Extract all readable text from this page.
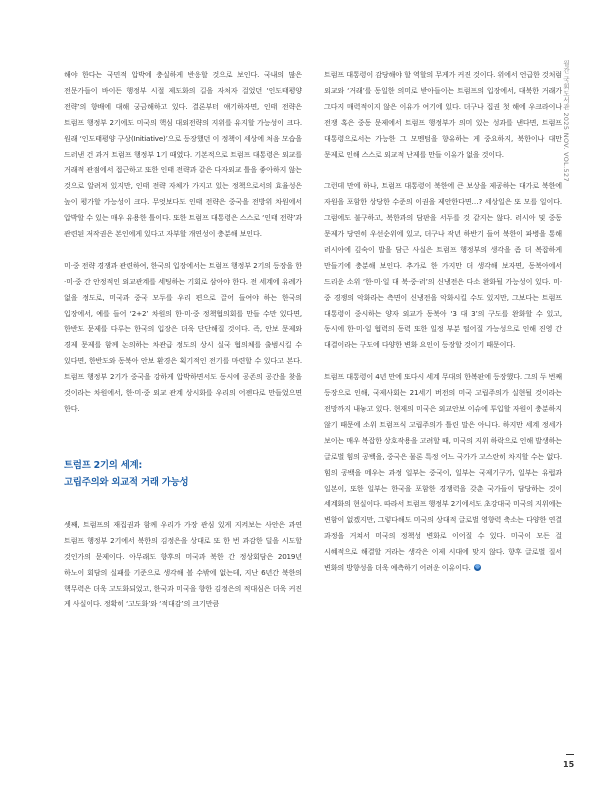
월간 국회도서관 2025 NOV. VOL.527

해야 한다는 국민적 압박에 충실하게 반응할 것으로 보인다. 국내의 많은 전문가들이 바이든 행정부 시절 제도화의 길을 자처자 걸었던 ‘인도태평양 전략’의 향배에 대해 궁금해하고 있다. 결론부터 얘기하자면, 인태 전략은 트럼프 행정부 2기에도 미국의 핵심 대외전략의 지위를 유지할 가능성이 크다. 원래 ‘인도태평양 구상(Initiative)’으로 등장했던 이 정책이 세상에 처음 모습을 드러낸 건 과거 트럼프 행정부 1기 때였다. 기본적으로 트럼프 대통령은 외교를 거래적 관점에서 접근하고 또한 인태 전략과 같은 다자외교 틀을 좋아하지 않는 것으로 알려져 있지만, 인태 전략 자체가 가지고 있는 정책으로서의 효율성은 높이 평가할 가능성이 크다. 무엇보다도 인태 전략은 중국을 전방위 차원에서 압박할 수 있는 매우 유용한 틀이다. 또한 트럼프 대통령은 스스로 ‘인태 전략’과 관련된 저작권은 본인에게 있다고 자부할 개연성이 충분해 보인다.

미·중 전략 경쟁과 관련하여, 한국의 입장에서는 트럼프 행정부 2기의 등장을 한·미·중 간 안정적인 외교관계를 세팅하는 기회로 삼아야 한다. 전 세계에 유례가 없을 정도로, 미국과 중국 모두를 우리 편으로 끌어 들여야 하는 한국의 입장에서, 예를 들어 ‘2+2’ 차원의 한·미·중 정책협의회를 만들 수만 있다면, 한반도 문제를 다루는 한국의 입장은 더욱 단단해질 것이다. 즉, 안보 문제와 경제 문제를 함께 논의하는 차관급 정도의 상시 실국 협의체를 출범시킬 수 있다면, 한반도와 동북아 안보 환경은 획기적인 전기를 마련할 수 있다고 본다. 트럼프 행정부 2기가 중국을 강하게 압박하면서도 동시에 공존의 공간을 찾을 것이라는 차원에서, 한·미·중 외교 관계 상시화를 우리의 어젠다로 만들었으면 한다.

트럼프 2기의 세계:
고립주의와 외교적 거래 가능성

셋째, 트럼프의 재집권과 함께 우리가 가장 관심 있게 지켜보는 사안은 과연 트럼프 행정부 2기에서 북한의 김정은을 상대로 또 한 번 과감한 딜을 시도할 것인가의 문제이다. 아무래도 향후의 미국과 북한 간 정상회담은 2019년 하노이 회담의 실패를 기준으로 생각해 볼 수밖에 없는데, 지난 6년간 북한의 핵무력은 더욱 고도화되었고, 한국과 미국을 향한 김정은의 적대심은 더욱 커진 게 사실이다. 정확히 ‘고도화’와 ‘적대감’의 크기만큼

트럼프 대통령이 감당해야 할 역할의 무게가 커진 것이다. 위에서 언급한 것처럼 외교와 ‘거래’를 동일한 의미로 받아들이는 트럼프의 입장에서, 대북한 거래가 그다지 매력적이지 않은 이유가 여기에 있다. 더구나 집권 첫 해에 우크라이나 전쟁 혹은 중동 문제에서 트럼프 행정부가 의미 있는 성과를 낸다면, 트럼프 대통령으로서는 가능한 그 모멘텀을 향유하는 게 중요하지, 북한이나 대만 문제로 인해 스스로 외교적 난제를 만들 이유가 없을 것이다.

그런데 만에 하나, 트럼프 대통령이 북한에 큰 보상을 제공하는 대가로 북한에 자원을 포함한 상당한 수준의 이권을 제안한다면…? 세상일은 또 모를 일이다. 그럼에도 불구하고, 북한과의 담판을 서두를 것 같지는 않다. 러시아 및 중동 문제가 당연히 우선순위에 있고, 더구나 작년 하반기 들어 북한이 파병을 통해 러시아에 깊숙이 발을 담근 사실은 트럼프 행정부의 생각을 좀 더 복잡하게 만들기에 충분해 보인다. 추가로 한 가지만 더 생각해 보자면, 동북아에서 드리운 소위 ‘한·미·일 대 북·중·러’의 신냉전은 다소 완화될 가능성이 있다. 미·중 경쟁의 악화라는 측면이 신냉전을 악화시킬 수도 있지만, 그보다는 트럼프 대통령이 중시하는 양자 외교가 동북아 ‘3 대 3’의 구도를 완화할 수 있고, 동시에 한·미·일 협력의 동력 또한 일정 부분 떨어질 가능성으로 인해 진영 간 대결이라는 구도에 다양한 변화 요인이 등장할 것이기 때문이다.

트럼프 대통령이 4년 만에 또다시 세계 무대의 한복판에 등장했다. 그의 두 번째 등장으로 인해, 국제사회는 21세기 버전의 미국 고립주의가 실현될 것이라는 전망까지 내놓고 있다. 현재의 미국은 외교안보 이슈에 투입할 자원이 충분하지 않기 때문에 소위 트럼프식 고립주의가 틀린 말은 아니다. 하지만 세계 정세가 보이는 매우 복잡한 상호작용을 고려할 때, 미국의 지위 하락으로 인해 발생하는 글로벌 힘의 공백을, 중국은 물론 특정 어느 국가가 고스란히 차지할 수는 없다. 힘의 공백을 메우는 과정 일부는 중국이, 일부는 국제기구가, 일부는 유럽과 일본이, 또한 일부는 한국을 포함한 경쟁력을 갖춘 국가들이 담당하는 것이 세계화의 현실이다. 따라서 트럼프 행정부 2기에서도 초강대국 미국의 지위에는 변함이 없겠지만, 그렇다해도 미국의 상대적 글로벌 영향력 축소는 다양한 연결 과정을 거쳐서 미국의 정책성 변화로 이어질 수 있다. 미국이 모든 걸 시혜적으로 해결할 거라는 생각은 이제 시대에 맞지 않다. 향후 글로벌 질서 변화의 방향성을 더욱 예측하기 어려운 이유이다.

15
